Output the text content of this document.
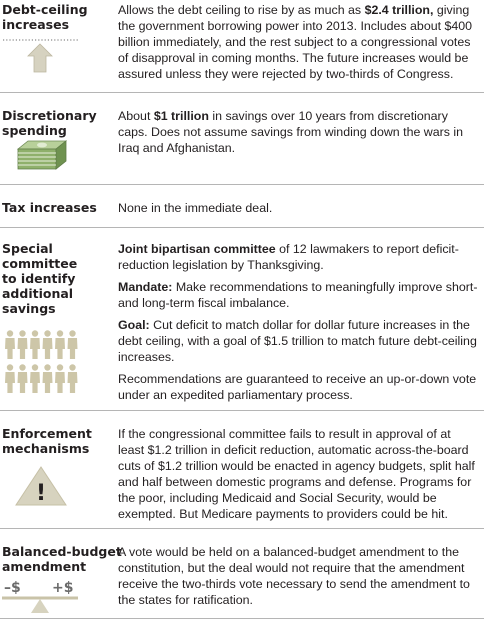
Debt-ceiling
increases

Allows the debt ceiling to rise by as much as $2.4 trillion, giving the government borrowing power into 2013. Includes about $400 billion immediately, and the rest subject to a congressional votes of disapproval in coming months. The future increases would be assured unless they were rejected by two-thirds of Congress.

Discretionary
spending

About $1 trillion in savings over 10 years from discretionary caps. Does not assume savings from winding down the wars in Iraq and Afghanistan.

Tax increases None in the immediate deal.

Special
committee
to identify
additional
savings

Joint bipartisan committee of 12 lawmakers to report deficit-reduction legislation by Thanksgiving.

Mandate: Make recommendations to meaningfully improve short- and long-term fiscal imbalance.

Goal: Cut deficit to match dollar for dollar future increases in the debt ceiling, with a goal of $1.5 trillion to match future debt-ceiling increases.

Recommendations are guaranteed to receive an up-or-down vote under an expedited parliamentary process.

Enforcement
mechanisms
!

If the congressional committee fails to result in approval of at least $1.2 trillion in deficit reduction, automatic across-the-board cuts of $1.2 trillion would be enacted in agency budgets, split half and half between domestic programs and defense. Programs for the poor, including Medicaid and Social Security, would be exempted. But Medicare payments to providers could be hit.

Balanced-budget
amendment
–$ +$

A vote would be held on a balanced-budget amendment to the constitution, but the deal would not require that the amendment receive the two-thirds vote necessary to send the amendment to the states for ratification.
